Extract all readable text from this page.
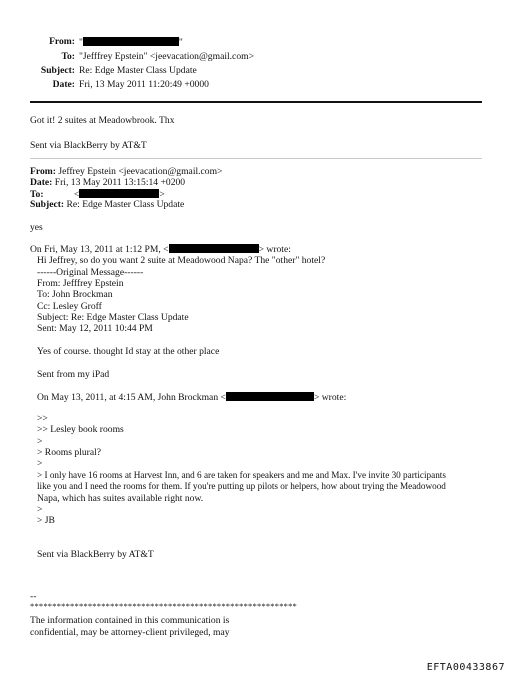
From: "	"
To: "Jefffrey Epstein" <jeevacation@gmail.com>
Subject: Re: Edge Master Class Update
Date: Fri, 13 May 2011 11:20:49 +0000
Got it! 2 suites at Meadowbrook. Thx
Sent via BlackBerry by AT&T
From: Jeffrey Epstein <jeevacation@gmail.com>
Date: Fri, 13 May 2011 13:15:14 +0200
To:	<	>
Subject: Re: Edge Master Class Update
yes
On Fri, May 13, 2011 at 1:12 PM, <	> wrote:
Hi Jeffrey, so do you want 2 suite at Meadowood Napa? The "other" hotel?
------Original Message------
From: Jefffrey Epstein
To: John Brockman
Cc: Lesley Groff
Subject: Re: Edge Master Class Update
Sent: May 12, 2011 10:44 PM
Yes of course. thought Id stay at the other place
Sent from my iPad
On May 13, 2011, at 4:15 AM, John Brockman <	> wrote:
>>
>> Lesley book rooms
>
> Rooms plural?
>
> I only have 16 rooms at Harvest Inn, and 6 are taken for speakers and me and Max. I've invite 30 participants
like you and I need the rooms for them. If you're putting up pilots or helpers, how about trying the Meadowood
Napa, which has suites available right now.
>
> JB
Sent via BlackBerry by AT&T
--
************************************************************
The information contained in this communication is
confidential, may be attorney-client privileged, may
EFTA00433867
